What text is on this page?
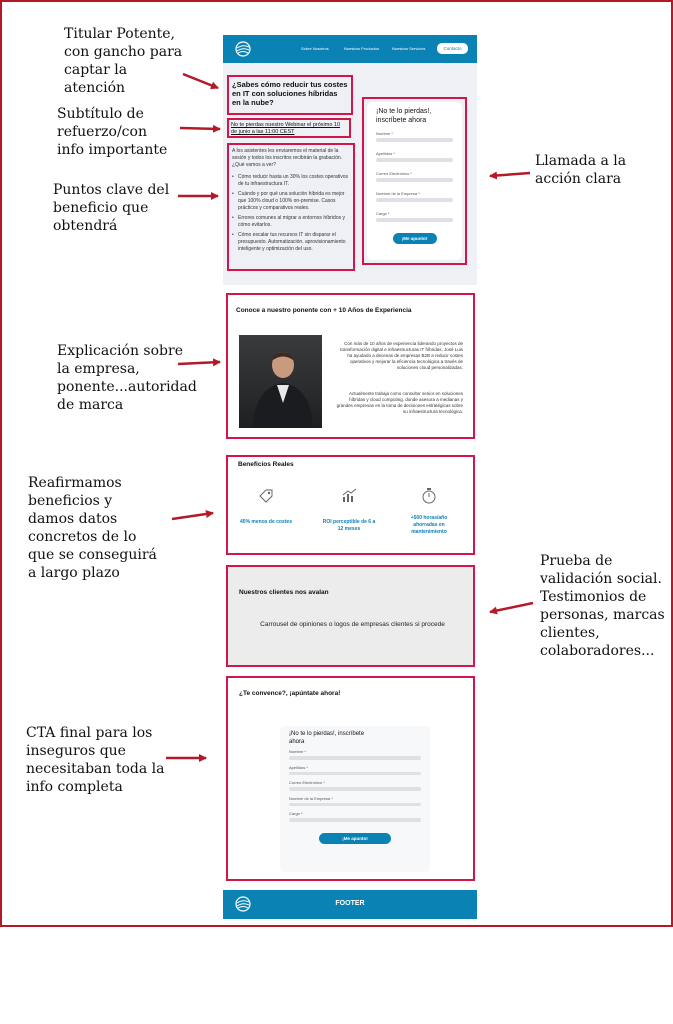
Titular Potente, con gancho para captar la atención
Subtítulo de refuerzo/con info importante
Puntos clave del beneficio que obtendrá
Explicación sobre la empresa, ponente...autoridad de marca
Reafirmamos beneficios y damos datos concretos de lo que se conseguirá a largo plazo
CTA final para los inseguros que necesitaban toda la info completa
Llamada a la acción clara
Prueba de validación social. Testimonios de personas, marcas clientes, colaboradores...
Sobre Nosotros	Nuestros Productos	Nuestros Servicios	Contacto
¿Sabes cómo reducir tus costes en IT con soluciones híbridas en la nube?
No te pierdas nuestro Webinar el próximo 10 de junio a las 11:00 CEST
A los asistentes les enviaremos el material de la sesión y todos los inscritos recibirán la grabación. ¿Qué vamos a ver?
• Cómo reducir hasta un 30% los costes operativos de tu infraestructura IT.
• Cuándo y por qué una solución híbrida es mejor que 100% cloud o 100% on-premise. Casos prácticos y comparativos reales.
• Errores comunes al migrar a entornos híbridos y cómo evitarlos.
• Cómo escalar tus recursos IT sin disparar el presupuesto. Automatización, aprovisionamiento inteligente y optimización del uso.
¡No te lo pierdas!, inscríbete ahora
Nombre *
Apellidos *
Correo Electrónico *
Nombre de la Empresa *
Cargo *
¡Me apunto!
Conoce a nuestro ponente con + 10 Años de Experiencia
Con más de 10 años de experiencia liderando proyectos de transformación digital e infraestructuras IT híbridas, José Luis ha ayudado a decenas de empresas B2B a reducir costes operativos y mejorar la eficiencia tecnológica a través de soluciones cloud personalizadas.
Actualmente trabaja como consultor senior en soluciones híbridas y cloud computing, donde asesora a medianas y grandes empresas en la toma de decisiones estratégicas sobre su infraestructura tecnológica.
Beneficios Reales
40% menos de costes	ROI perceptible de 6 a 12 meses
+500 horas/año ahorradas en mantenimiento
Nuestros clientes nos avalan
Carrousel de opiniones o logos de empresas clientes si procede
¿Te convence?, ¡apúntate ahora!
¡No te lo pierdas!, inscríbete ahora
Nombre *
Apellidos *
Correo Electrónico *
Nombre de la Empresa *
Cargo *
¡Me apunto!
FOOTER
